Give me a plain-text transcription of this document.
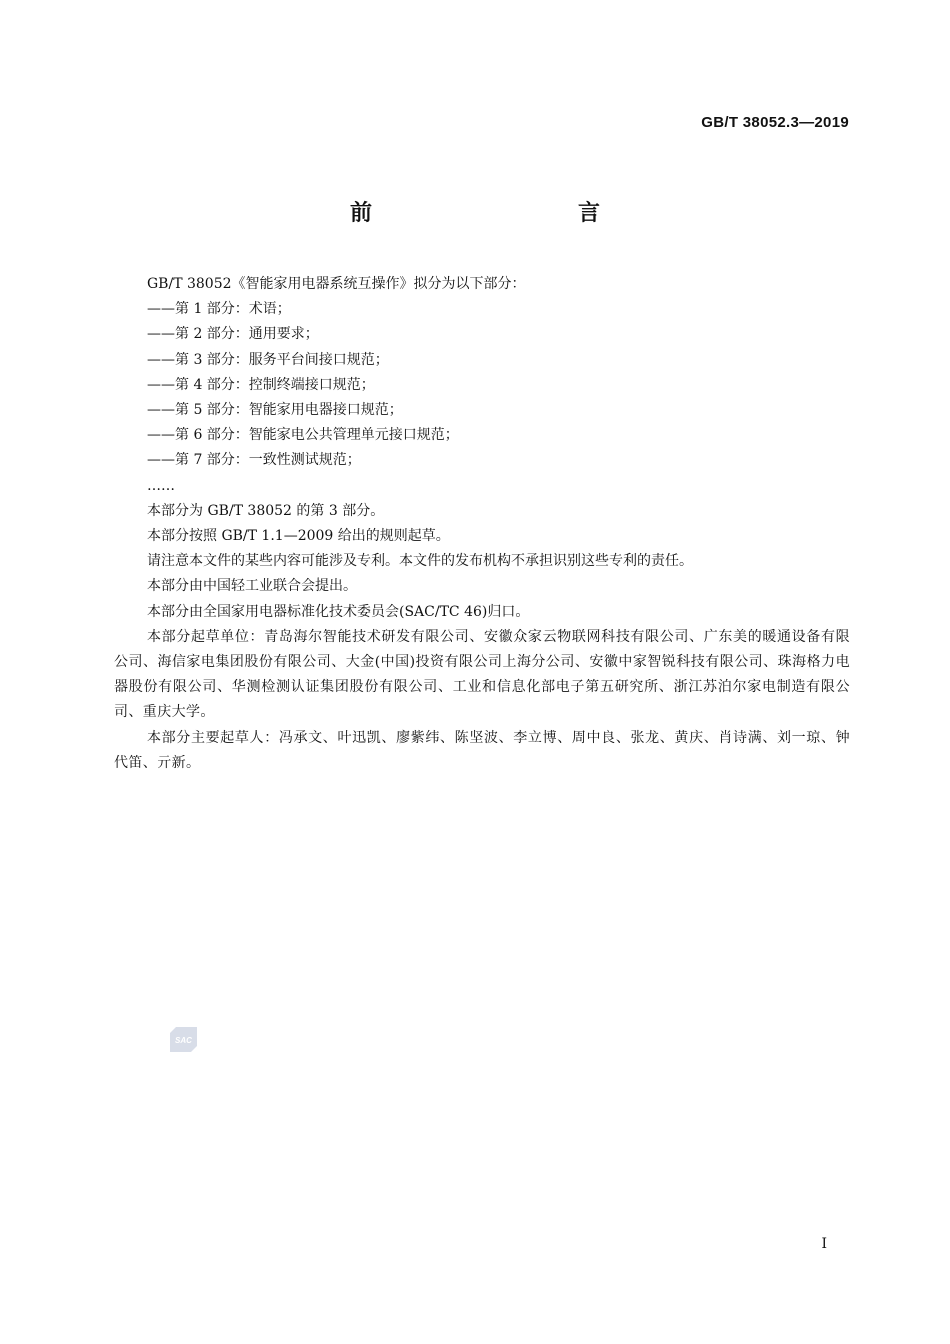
GB/T 38052.3—2019
前　　言
GB/T 38052《智能家用电器系统互操作》拟分为以下部分：
——第 1 部分：术语；
——第 2 部分：通用要求；
——第 3 部分：服务平台间接口规范；
——第 4 部分：控制终端接口规范；
——第 5 部分：智能家用电器接口规范；
——第 6 部分：智能家电公共管理单元接口规范；
——第 7 部分：一致性测试规范；
……
本部分为 GB/T 38052 的第 3 部分。
本部分按照 GB/T 1.1—2009 给出的规则起草。
请注意本文件的某些内容可能涉及专利。本文件的发布机构不承担识别这些专利的责任。
本部分由中国轻工业联合会提出。
本部分由全国家用电器标准化技术委员会(SAC/TC 46)归口。
本部分起草单位：青岛海尔智能技术研发有限公司、安徽众家云物联网科技有限公司、广东美的暖通设备有限公司、海信家电集团股份有限公司、大金(中国)投资有限公司上海分公司、安徽中家智锐科技有限公司、珠海格力电器股份有限公司、华测检测认证集团股份有限公司、工业和信息化部电子第五研究所、浙江苏泊尔家电制造有限公司、重庆大学。
本部分主要起草人：冯承文、叶迅凯、廖紫纬、陈坚波、李立博、周中良、张龙、黄庆、肖诗满、刘一琼、钟代笛、亓新。
SAC
I
